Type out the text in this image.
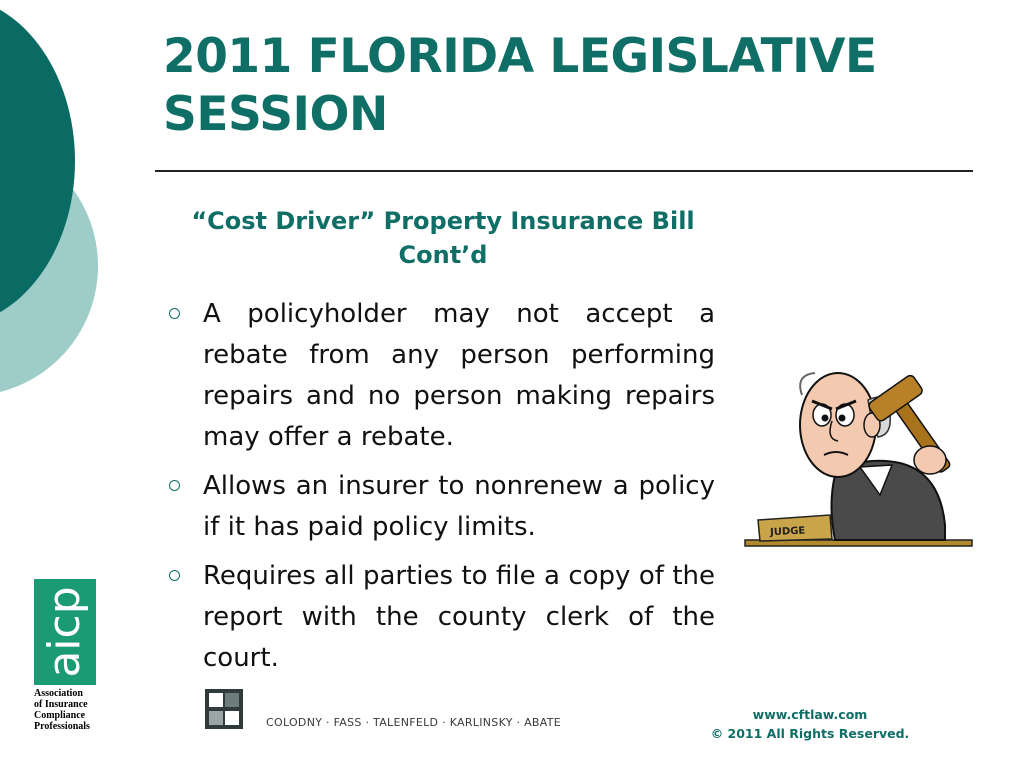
2011 FLORIDA LEGISLATIVE SESSION
“Cost Driver” Property Insurance Bill
Cont’d
A policyholder may not accept a rebate from any person performing repairs and no person making repairs may offer a rebate.
Allows an insurer to nonrenew a policy if it has paid policy limits.
Requires all parties to file a copy of the report with the county clerk of the court.
JUDGE
aicp
Association
of Insurance
Compliance
Professionals	COLODNY · FASS · TALENFELD · KARLINSKY · ABATE
www.cftlaw.com
© 2011 All Rights Reserved.
